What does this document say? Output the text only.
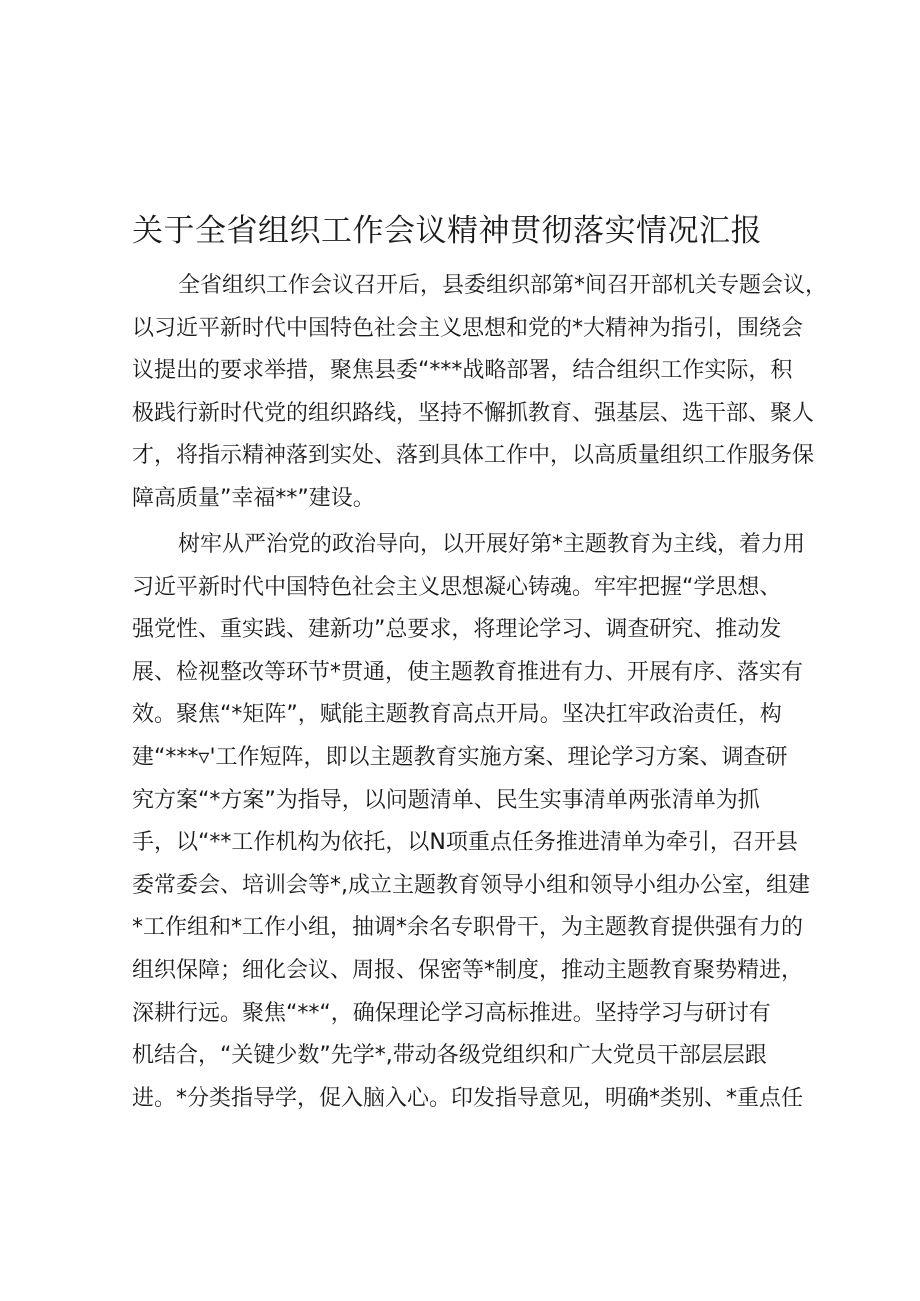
关于全省组织工作会议精神贯彻落实情况汇报
全省组织工作会议召开后，县委组织部第*间召开部机关专题会议，
以习近平新时代中国特色社会主义思想和党的*大精神为指引，围绕会
议提出的要求举措，聚焦县委“***战略部署，结合组织工作实际，积
极践行新时代党的组织路线，坚持不懈抓教育、强基层、选干部、聚人
才，将指示精神落到实处、落到具体工作中，以高质量组织工作服务保
障高质量”幸福**”建设。
树牢从严治党的政治导向，以开展好第*主题教育为主线，着力用
习近平新时代中国特色社会主义思想凝心铸魂。牢牢把握“学思想、
强党性、重实践、建新功”总要求，将理论学习、调查研究、推动发
展、检视整改等环节*贯通，使主题教育推进有力、开展有序、落实有
效。聚焦“*矩阵”，赋能主题教育高点开局。坚决扛牢政治责任，构
建“***▿'工作短阵，即以主题教育实施方案、理论学习方案、调查研
究方案“*方案”为指导，以问题清单、民生实事清单两张清单为抓
手，以“**工作机构为依托，以N项重点任务推进清单为牵引，召开县
委常委会、培训会等*,成立主题教育领导小组和领导小组办公室，组建
*工作组和*工作小组，抽调*余名专职骨干，为主题教育提供强有力的
组织保障；细化会议、周报、保密等*制度，推动主题教育聚势精进，
深耕行远。聚焦“**“，确保理论学习高标推进。坚持学习与研讨有
机结合，“关键少数”先学*,带动各级党组织和广大党员干部层层跟
进。*分类指导学，促入脑入心。印发指导意见，明确*类别、*重点任
